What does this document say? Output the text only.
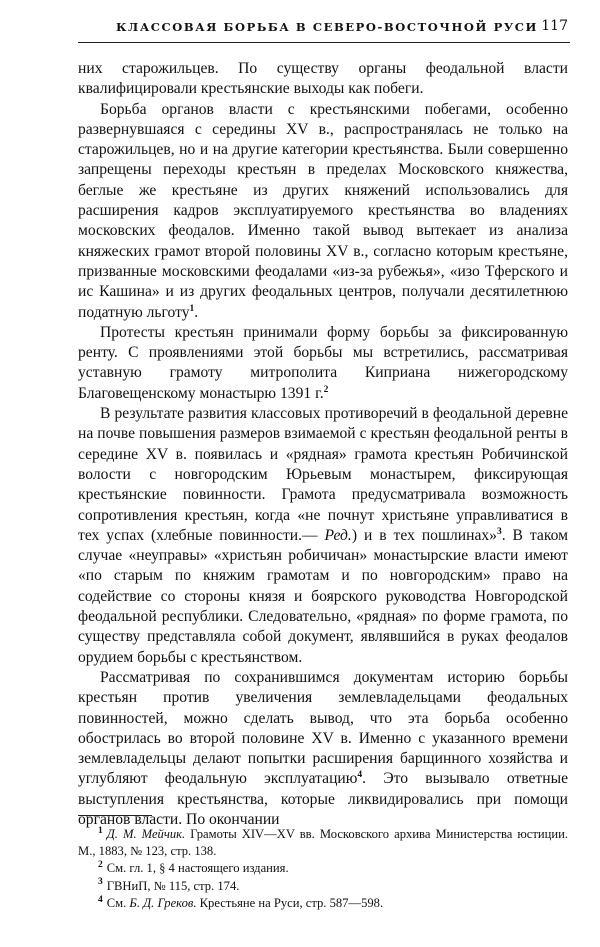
КЛАССОВАЯ БОРЬБА В СЕВЕРО-ВОСТОЧНОЙ РУСИ 117

них старожильцев. По существу органы феодальной власти квалифицировали крестьянские выходы как побеги.

Борьба органов власти с крестьянскими побегами, особенно развернувшаяся с середины XV в., распространялась не только на старожильцев, но и на другие категории крестьянства. Были совершенно запрещены переходы крестьян в пределах Московского княжества, беглые же крестьяне из других княжений использовались для расширения кадров эксплуатируемого крестьянства во владениях московских феодалов. Именно такой вывод вытекает из анализа княжеских грамот второй половины XV в., согласно которым крестьяне, призванные московскими феодалами «из-за рубежья», «изо Тферского и ис Кашина» и из других феодальных центров, получали десятилетнюю податную льготу$^1$.

Протесты крестьян принимали форму борьбы за фиксированную ренту. С проявлениями этой борьбы мы встретились, рассматривая уставную грамоту митрополита Киприана нижегородскому Благовещенскому монастырю 1391 г.$^2$

В результате развития классовых противоречий в феодальной деревне на почве повышения размеров взимаемой с крестьян феодальной ренты в середине XV в. появилась и «рядная» грамота крестьян Робичинской волости с новгородским Юрьевым монастырем, фиксирующая крестьянские повинности. Грамота предусматривала возможность сопротивления крестьян, когда «не почнут христьяне управливатися в тех успах (хлебные повинности.— Ред.) и в тех пошлинах»$^3$. В таком случае «неуправы» «христьян робичичан» монастырские власти имеют «по старым по княжим грамотам и по новгородским» право на содействие со стороны князя и боярского руководства Новгородской феодальной республики. Следовательно, «рядная» по форме грамота, по существу представляла собой документ, являвшийся в руках феодалов орудием борьбы с крестьянством.

Рассматривая по сохранившимся документам историю борьбы крестьян против увеличения землевладельцами феодальных повинностей, можно сделать вывод, что эта борьба особенно обострилась во второй половине XV в. Именно с указанного времени землевладельцы делают попытки расширения барщинного хозяйства и углубляют феодальную эксплуатацию$^4$. Это вызывало ответные выступления крестьянства, которые ликвидировались при помощи органов власти. По окончании

$^1$ Д. М. Мейчик. Грамоты XIV—XV вв. Московского архива Министерства юстиции. М., 1883, № 123, стр. 138.

$^2$ См. гл. 1, § 4 настоящего издания.

$^3$ ГВНиП, № 115, стр. 174.

$^4$ См. Б. Д. Греков. Крестьяне на Руси, стр. 587—598.
